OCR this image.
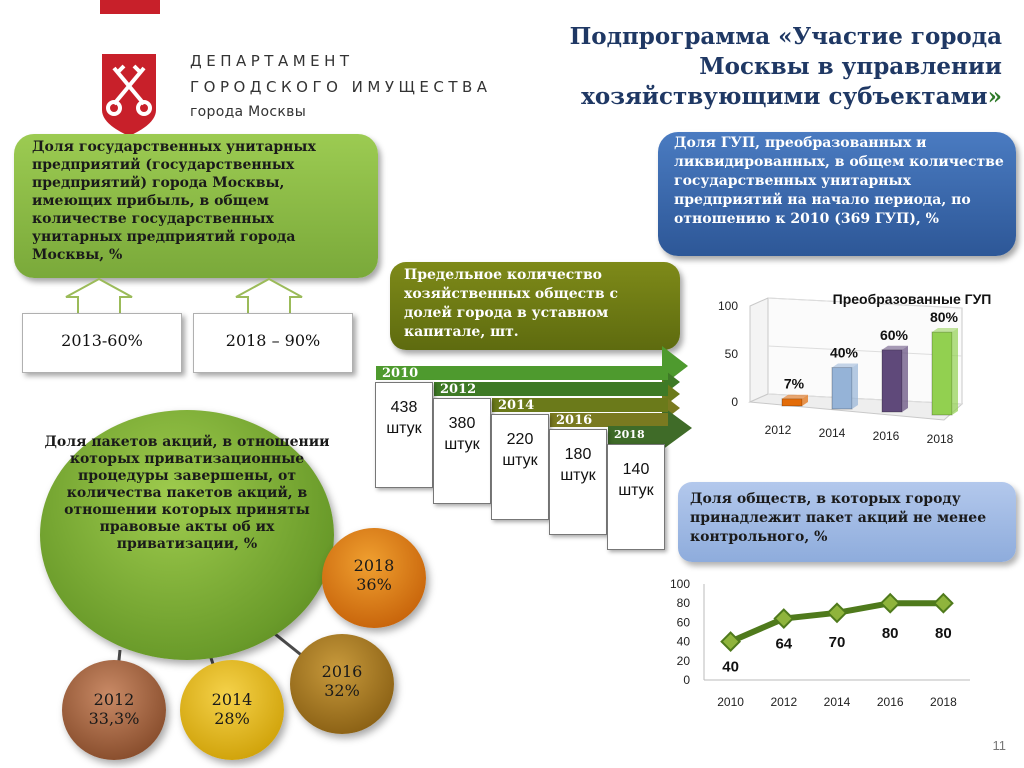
ДЕПАРТАМЕНТ
ГОРОДСКОГО ИМУЩЕСТВА
города Москвы
Подпрограмма «Участие города Москвы в управлении хозяйствующими субъектами»

Доля государственных унитарных предприятий (государственных предприятий) города Москвы, имеющих прибыль, в общем количестве государственных унитарных предприятий города Москвы, %

2013-60%	2018 – 90%

Доля ГУП, преобразованных и ликвидированных, в общем количестве государственных унитарных предприятий на начало периода, по отношению к 2010 (369 ГУП), %

0
50
100	Преобразованные ГУП
7%
2012
40%
2014
60%
2016
80%
2018

Предельное количество хозяйственных обществ с долей города в уставном капитале, шт.

2010
2012
2014
2016
2018
438
штук	380
штук	220
штук	180
штук	140
штук	Доля обществ, в которых городу принадлежит пакет акций не менее контрольного, %

0
20
40
60
80
100
40
2010
64
2012
70
2014
80
2016
80
2018

Доля пакетов акций, в отношении которых приватизационные процедуры завершены, от количества пакетов акций, в отношении которых приняты правовые акты об их приватизации, %

2018
36%
2016
32%
2014
28%
2012
33,3%
11
